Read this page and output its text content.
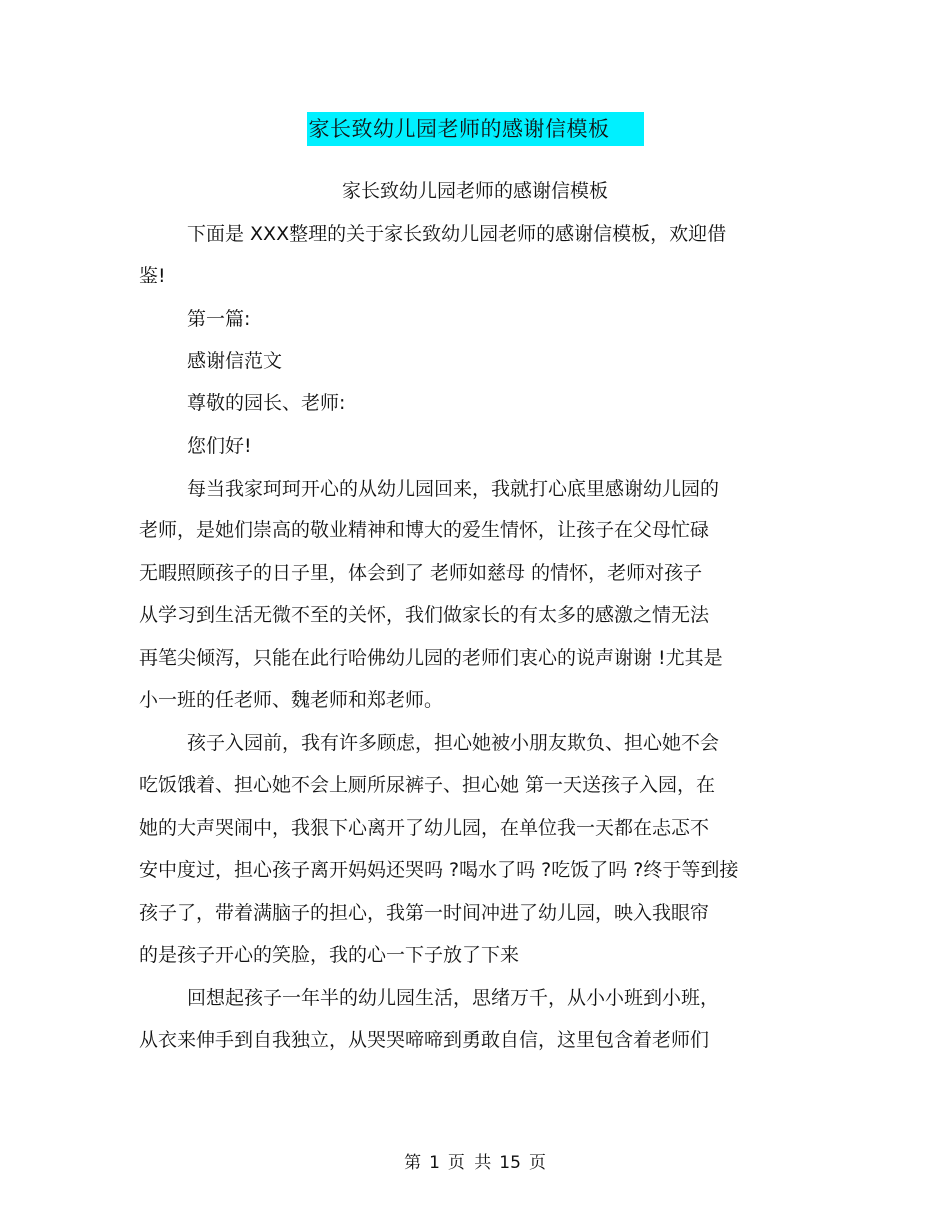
家长致幼儿园老师的感谢信模板
家长致幼儿园老师的感谢信模板
下面是 XXX整理的关于家长致幼儿园老师的感谢信模板，欢迎借
鉴!
第一篇:
感谢信范文
尊敬的园长、老师:
您们好!
每当我家珂珂开心的从幼儿园回来，我就打心底里感谢幼儿园的
老师，是她们崇高的敬业精神和博大的爱生情怀，让孩子在父母忙碌
无暇照顾孩子的日子里，体会到了 老师如慈母 的情怀，老师对孩子
从学习到生活无微不至的关怀，我们做家长的有太多的感激之情无法
再笔尖倾泻，只能在此行哈佛幼儿园的老师们衷心的说声谢谢 !尤其是
小一班的任老师、魏老师和郑老师。
孩子入园前，我有许多顾虑，担心她被小朋友欺负、担心她不会
吃饭饿着、担心她不会上厕所尿裤子、担心她 第一天送孩子入园，在
她的大声哭闹中，我狠下心离开了幼儿园，在单位我一天都在忐忑不
安中度过，担心孩子离开妈妈还哭吗 ?喝水了吗 ?吃饭了吗 ?终于等到接
孩子了，带着满脑子的担心，我第一时间冲进了幼儿园，映入我眼帘
的是孩子开心的笑脸，我的心一下子放了下来
回想起孩子一年半的幼儿园生活，思绪万千，从小小班到小班，
从衣来伸手到自我独立，从哭哭啼啼到勇敢自信，这里包含着老师们
第 1 页 共 15 页
